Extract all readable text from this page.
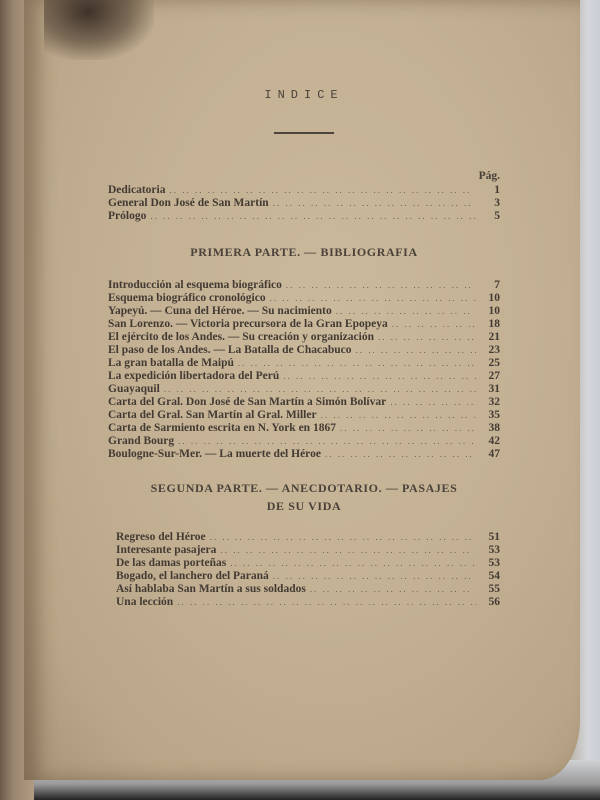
INDICE
Pág.
Dedicatoria .. ..	1
General Don José de San Martín .. ..	3
Prólogo .. ..	5
PRIMERA PARTE. — BIBLIOGRAFIA
Introducción al esquema biográfico .. ..	7
Esquema biográfico cronológico .. ..	10
Yapeyú. — Cuna del Héroe. — Su nacimiento .. ..	10
San Lorenzo. — Victoria precursora de la Gran Epopeya .. ..	18
El ejército de los Andes. — Su creación y organización .. ..	21
El paso de los Andes. — La Batalla de Chacabuco .. ..	23
La gran batalla de Maipú .. ..	25
La expedición libertadora del Perú .. ..	27
Guayaquil .. ..	31
Carta del Gral. Don José de San Martín a Simón Bolívar .. ..	32
Carta del Gral. San Martín al Gral. Miller .. ..	35
Carta de Sarmiento escrita en N. York en 1867 .. ..	38
Grand Bourg .. ..	42
Boulogne-Sur-Mer. — La muerte del Héroe .. ..	47
SEGUNDA PARTE. — ANECDOTARIO. — PASAJES
DE SU VIDA
Regreso del Héroe .. ..	51
Interesante pasajera .. ..	53
De las damas porteñas .. ..	53
Bogado, el lanchero del Paraná .. ..	54
Así hablaba San Martín a sus soldados .. ..	55
Una lección .. ..	56
